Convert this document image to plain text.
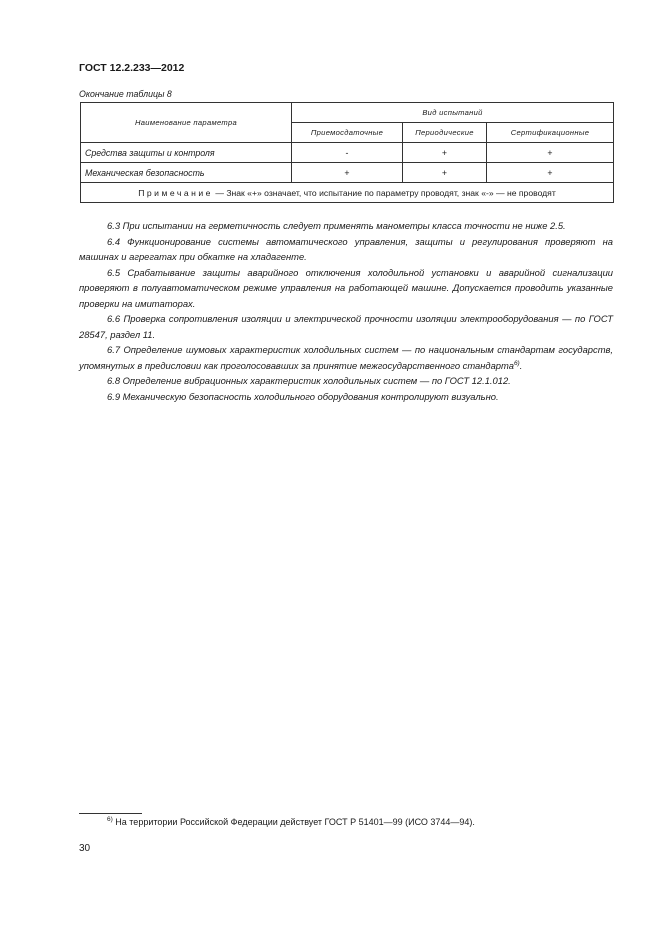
ГОСТ 12.2.233—2012
Окончание таблицы 8
Наименование параметра	Вид испытаний		
	Приемосдаточные	Периодические	Сертификационные
Средства защиты и контроля	-	+	+
Механическая безопасность	+	+	+
Примечание — Знак «+» означает, что испытание по параметру проводят, знак «-» — не проводят			

6.3 При испытании на герметичность следует применять манометры класса точности не ниже 2.5.

6.4 Функционирование системы автоматического управления, защиты и регулирования проверяют на машинах и агрегатах при обкатке на хладагенте.

6.5 Срабатывание защиты аварийного отключения холодильной установки и аварийной сигнализации проверяют в полуавтоматическом режиме управления на работающей машине. Допускается проводить указанные проверки на имитаторах.

6.6 Проверка сопротивления изоляции и электрической прочности изоляции электрооборудования — по ГОСТ 28547, раздел 11.

6.7 Определение шумовых характеристик холодильных систем — по национальным стандартам государств, упомянутых в предисловии как проголосовавших за принятие межгосударственного стандарта$^{6)}$.

6.8 Определение вибрационных характеристик холодильных систем — по ГОСТ 12.1.012.

6.9 Механическую безопасность холодильного оборудования контролируют визуально.

$^{6)}$ На территории Российской Федерации действует ГОСТ Р 51401—99 (ИСО 3744—94).
30
